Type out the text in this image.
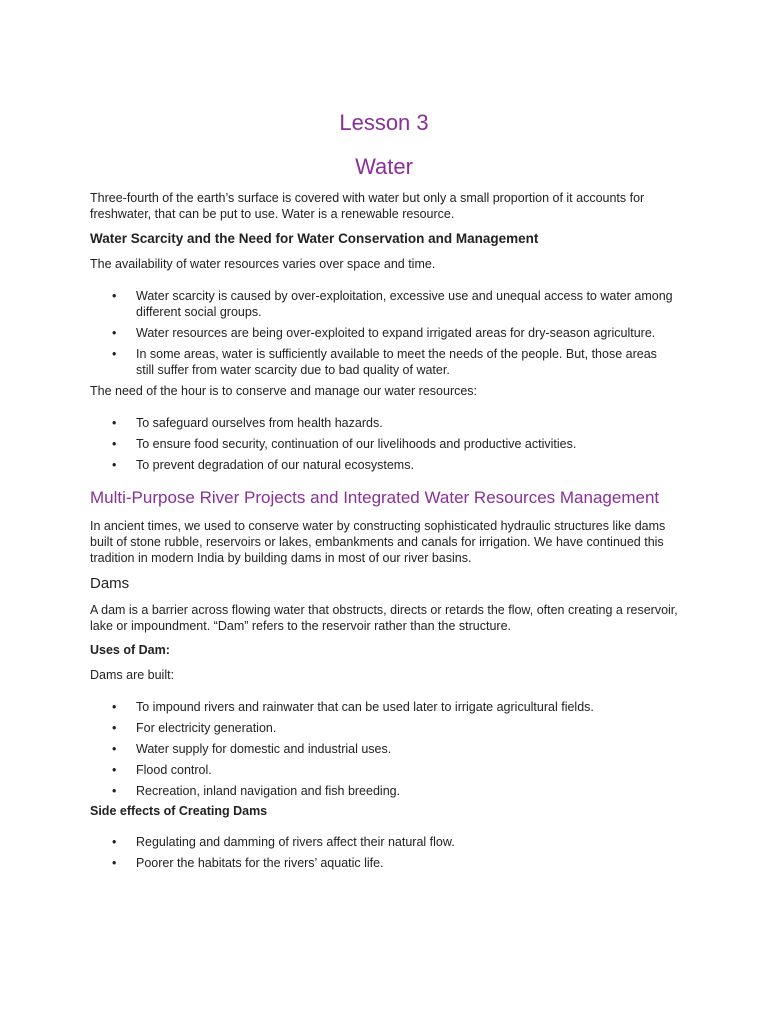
Lesson 3
Water

Three-fourth of the earth’s surface is covered with water but only a small proportion of it accounts for freshwater, that can be put to use. Water is a renewable resource.

Water Scarcity and the Need for Water Conservation and Management

The availability of water resources varies over space and time.

• Water scarcity is caused by over-exploitation, excessive use and unequal access to water among different social groups.
• Water resources are being over-exploited to expand irrigated areas for dry-season agriculture.
• In some areas, water is sufficiently available to meet the needs of the people. But, those areas still suffer from water scarcity due to bad quality of water.

The need of the hour is to conserve and manage our water resources:

• To safeguard ourselves from health hazards.
• To ensure food security, continuation of our livelihoods and productive activities.
• To prevent degradation of our natural ecosystems.
Multi-Purpose River Projects and Integrated Water Resources Management

In ancient times, we used to conserve water by constructing sophisticated hydraulic structures like dams built of stone rubble, reservoirs or lakes, embankments and canals for irrigation. We have continued this tradition in modern India by building dams in most of our river basins.

Dams

A dam is a barrier across flowing water that obstructs, directs or retards the flow, often creating a reservoir, lake or impoundment. “Dam” refers to the reservoir rather than the structure.

Uses of Dam:

Dams are built:

• To impound rivers and rainwater that can be used later to irrigate agricultural fields.
• For electricity generation.
• Water supply for domestic and industrial uses.
• Flood control.
• Recreation, inland navigation and fish breeding.
Side effects of Creating Dams
• Regulating and damming of rivers affect their natural flow.
• Poorer the habitats for the rivers’ aquatic life.
